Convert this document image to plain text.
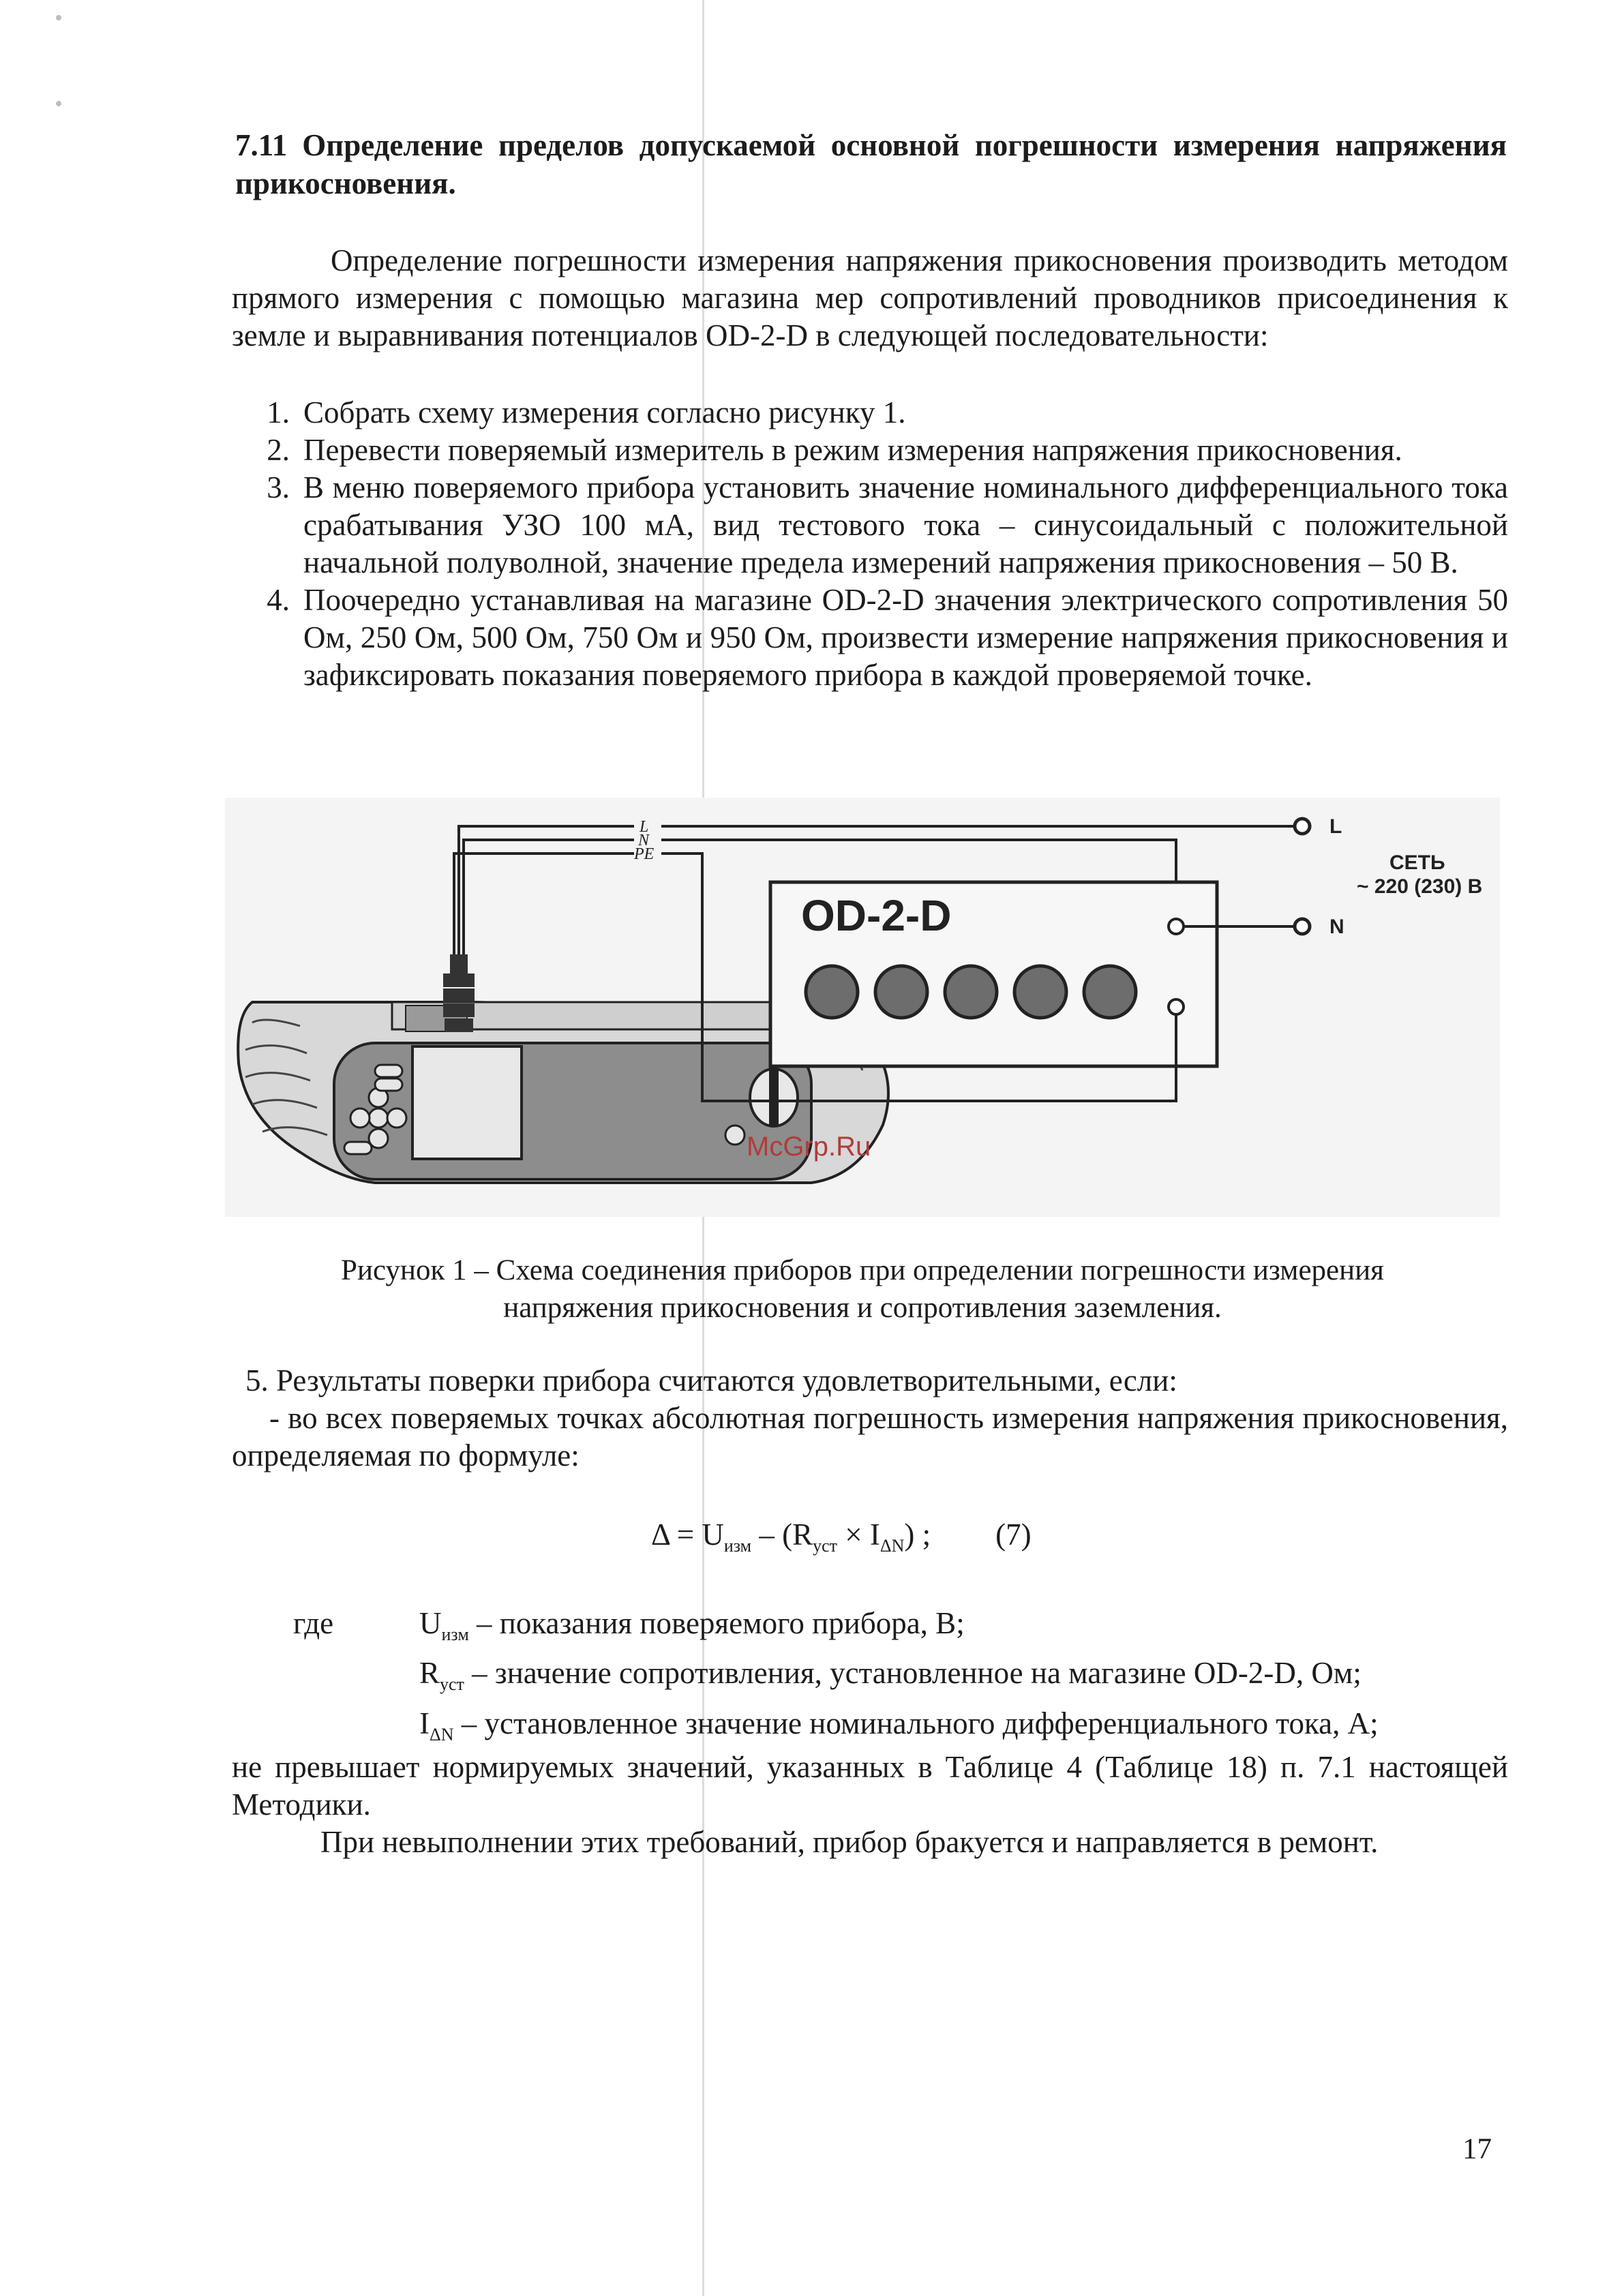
7.11 Определение пределов допускаемой основной погрешности измерения напряжения прикосновения.
Определение погрешности измерения напряжения прикосновения производить методом прямого измерения с помощью магазина мер сопротивлений проводников присоединения к земле и выравнивания потенциалов OD-2-D в следующей последовательности:
1. Собрать схему измерения согласно рисунку 1.
2. Перевести поверяемый измеритель в режим измерения напряжения прикосновения.
3. В меню поверяемого прибора установить значение номинального дифференциального тока срабатывания УЗО 100 мА, вид тестового тока – синусоидальный с положительной начальной полуволной, значение предела измерений напряжения прикосновения – 50 В.
4. Поочередно устанавливая на магазине OD-2-D значения электрического сопротивления 50 Ом, 250 Ом, 500 Ом, 750 Ом и 950 Ом, произвести измерение напряжения прикосновения и зафиксировать показания поверяемого прибора в каждой проверяемой точке.
L
N
PE
L
СЕТЬ
~ 220 (230) В
OD-2-D	N
McGrp.Ru
Рисунок 1 – Схема соединения приборов при определении погрешности измерения
напряжения прикосновения и сопротивления заземления.
5. Результаты поверки прибора считаются удовлетворительными, если:
- во всех поверяемых точках абсолютная погрешность измерения напряжения прикосновения, определяемая по формуле:
$\Delta = U_{изм} - (R_{уст} \times I_{\Delta N})$ ; (7)
где	$U_{изм}$ – показания поверяемого прибора, В;
$R_{уст}$ – значение сопротивления, установленное на магазине OD-2-D, Ом;
$I_{\Delta N}$ – установленное значение номинального дифференциального тока, А;
не превышает нормируемых значений, указанных в Таблице 4 (Таблице 18) п. 7.1 настоящей Методики.
При невыполнении этих требований, прибор бракуется и направляется в ремонт.
17
